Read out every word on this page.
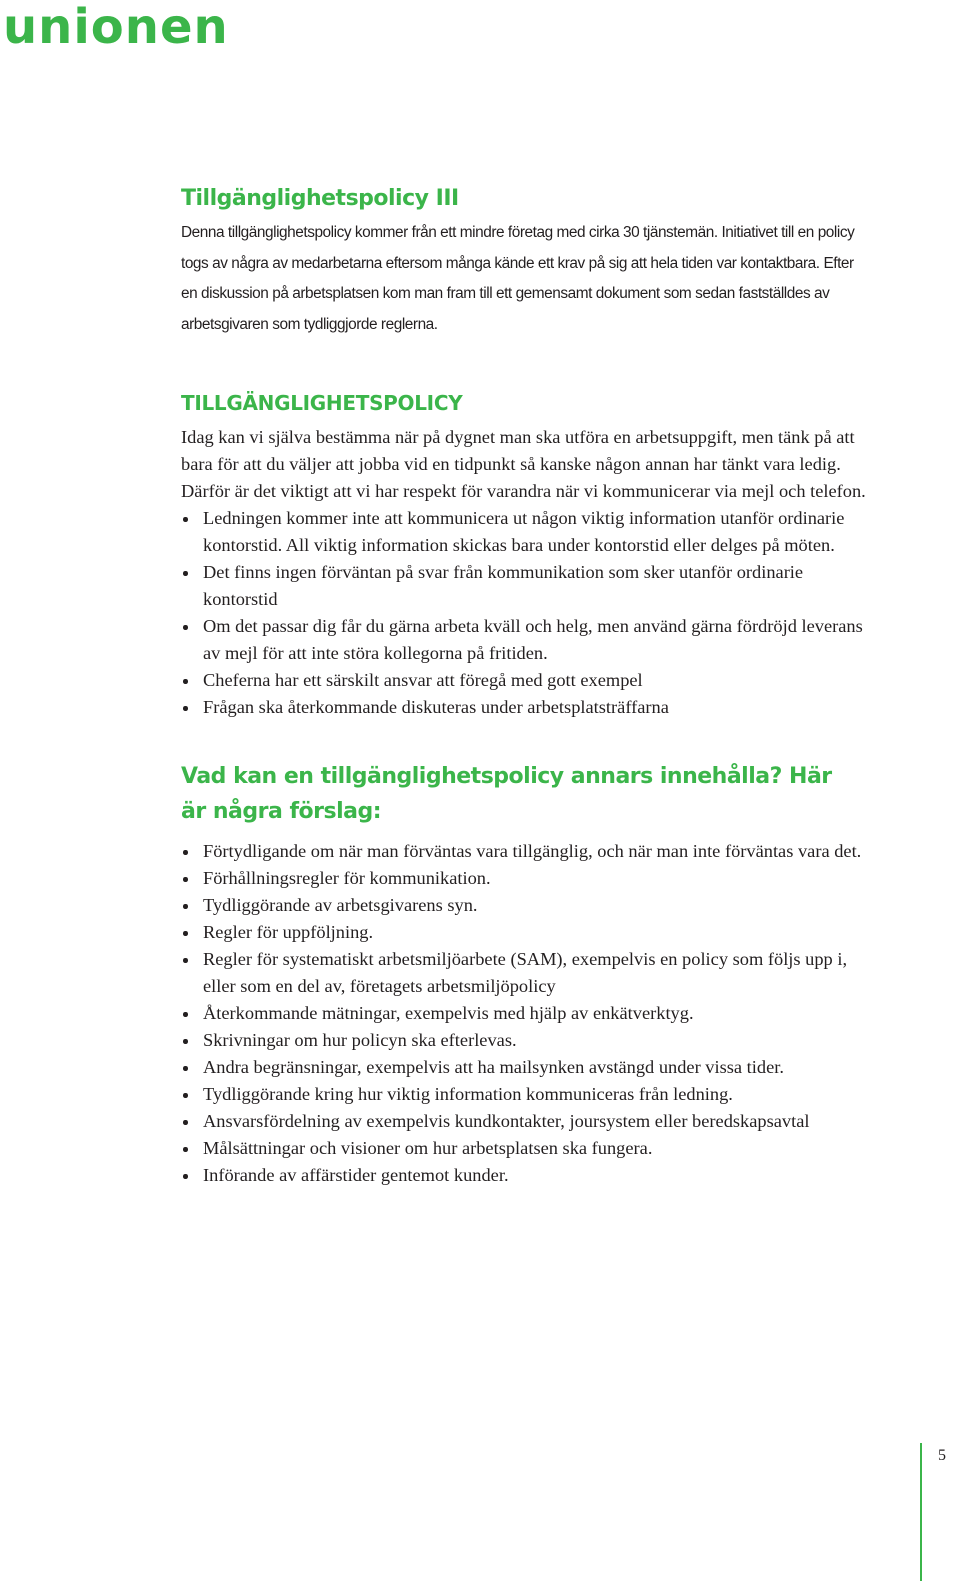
unionen
Tillgänglighetspolicy III

Denna tillgänglighetspolicy kommer från ett mindre företag med cirka 30 tjänstemän. Initiativet till en policy togs av några av medarbetarna eftersom många kände ett krav på sig att hela tiden var kontaktbara. Efter en diskussion på arbetsplatsen kom man fram till ett gemensamt dokument som sedan fastställdes av arbetsgivaren som tydliggjorde reglerna.

TILLGÄNGLIGHETSPOLICY

Idag kan vi själva bestämma när på dygnet man ska utföra en arbetsuppgift, men tänk på att bara för att du väljer att jobba vid en tidpunkt så kanske någon annan har tänkt vara ledig. Därför är det viktigt att vi har respekt för varandra när vi kommunicerar via mejl och telefon.

Ledningen kommer inte att kommunicera ut någon viktig information utanför ordinarie kontorstid. All viktig information skickas bara under kontorstid eller delges på möten.
Det finns ingen förväntan på svar från kommunikation som sker utanför ordinarie kontorstid
Om det passar dig får du gärna arbeta kväll och helg, men använd gärna fördröjd leverans av mejl för att inte störa kollegorna på fritiden.
Cheferna har ett särskilt ansvar att föregå med gott exempel
Frågan ska återkommande diskuteras under arbetsplatsträffarna
Vad kan en tillgänglighetspolicy annars innehålla? Här är några förslag:
Förtydligande om när man förväntas vara tillgänglig, och när man inte förväntas vara det.
Förhållningsregler för kommunikation.
Tydliggörande av arbetsgivarens syn.
Regler för uppföljning.
Regler för systematiskt arbetsmiljöarbete (SAM), exempelvis en policy som följs upp i, eller som en del av, företagets arbetsmiljöpolicy
Återkommande mätningar, exempelvis med hjälp av enkätverktyg.
Skrivningar om hur policyn ska efterlevas.
Andra begränsningar, exempelvis att ha mailsynken avstängd under vissa tider.
Tydliggörande kring hur viktig information kommuniceras från ledning.
Ansvarsfördelning av exempelvis kundkontakter, joursystem eller beredskapsavtal
Målsättningar och visioner om hur arbetsplatsen ska fungera.
Införande av affärstider gentemot kunder.
5
